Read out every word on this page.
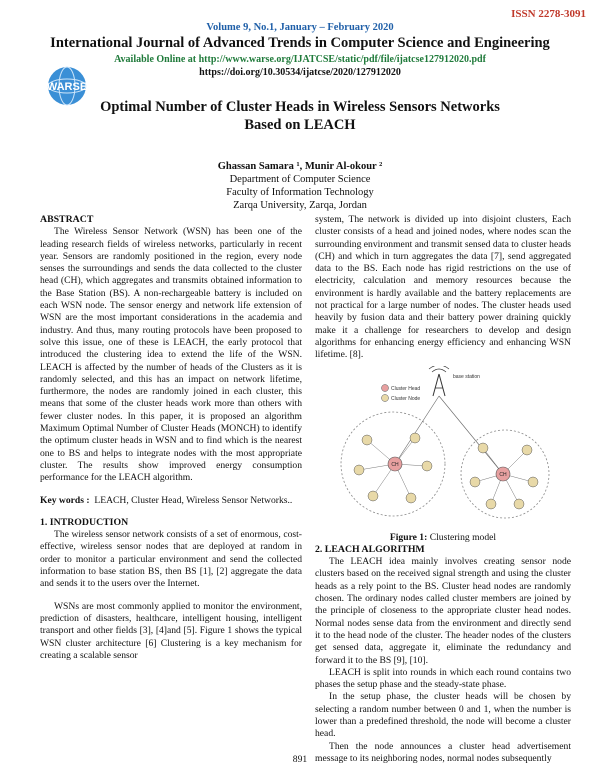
ISSN 2278-3091
Volume 9, No.1, January – February 2020
International Journal of Advanced Trends in Computer Science and Engineering
Available Online at http://www.warse.org/IJATCSE/static/pdf/file/ijatcse127912020.pdf
https://doi.org/10.30534/ijatcse/2020/127912020
WARSE
Optimal Number of Cluster Heads in Wireless Sensors Networks Based on LEACH
Ghassan Samara ¹, Munir Al-okour ²
Department of Computer Science
Faculty of Information Technology
Zarqa University, Zarqa, Jordan

ABSTRACT

The Wireless Sensor Network (WSN) has been one of the leading research fields of wireless networks, particularly in recent year. Sensors are randomly positioned in the region, every node senses the surroundings and sends the data collected to the cluster head (CH), which aggregates and transmits obtained information to the Base Station (BS). A non-rechargeable battery is included on each WSN node. The sensor energy and network life extension of WSN are the most important considerations in the academia and industry. And thus, many routing protocols have been proposed to solve this issue, one of these is LEACH, the early protocol that introduced the clustering idea to extend the life of the WSN. LEACH is affected by the number of heads of the Clusters as it is randomly selected, and this has an impact on network lifetime, furthermore, the nodes are randomly joined in each cluster, this means that some of the cluster heads work more than others with fewer cluster nodes. In this paper, it is proposed an algorithm Maximum Optimal Number of Cluster Heads (MONCH) to identify the optimum cluster heads in WSN and to find which is the nearest one to BS and helps to integrate nodes with the most appropriate cluster. The results show improved energy consumption performance for the LEACH algorithm.

Key words : LEACH, Cluster Head, Wireless Sensor Networks..

1. INTRODUCTION

The wireless sensor network consists of a set of enormous, cost-effective, wireless sensor nodes that are deployed at random in order to monitor a particular environment and send the collected information to base station BS, then BS [1], [2] aggregate the data and sends it to the users over the Internet.

WSNs are most commonly applied to monitor the environment, prediction of disasters, healthcare, intelligent housing, intelligent transport and other fields [3], [4]and [5]. Figure 1 shows the typical WSN cluster architecture [6] Clustering is a key mechanism for creating a scalable sensor

system, The network is divided up into disjoint clusters, Each cluster consists of a head and joined nodes, where nodes scan the surrounding environment and transmit sensed data to cluster heads (CH) and which in turn aggregates the data [7], send aggregated data to the BS. Each node has rigid restrictions on the use of electricity, calculation and memory resources because the environment is hardly available and the battery replacements are not practical for a large number of nodes. The cluster heads used heavily by fusion data and their battery power draining quickly make it a challenge for researchers to develop and design algorithms for enhancing energy efficiency and enhancing WSN lifetime. [8].

base station
Cluster Head
Cluster Node
CH
CH

Figure 1: Clustering model

2. LEACH ALGORITHM

The LEACH idea mainly involves creating sensor node clusters based on the received signal strength and using the cluster heads as a rely point to the BS. Cluster head nodes are randomly chosen. The ordinary nodes called cluster members are joined by the principle of closeness to the appropriate cluster head nodes. Normal nodes sense data from the environment and directly send it to the head node of the cluster. The header nodes of the clusters get sensed data, aggregate it, eliminate the redundancy and forward it to the BS [9], [10].

LEACH is split into rounds in which each round contains two phases the setup phase and the steady-state phase.

In the setup phase, the cluster heads will be chosen by selecting a random number between 0 and 1, when the number is lower than a predefined threshold, the node will become a cluster head.

Then the node announces a cluster head advertisement message to its neighboring nodes, normal nodes subsequently

891
